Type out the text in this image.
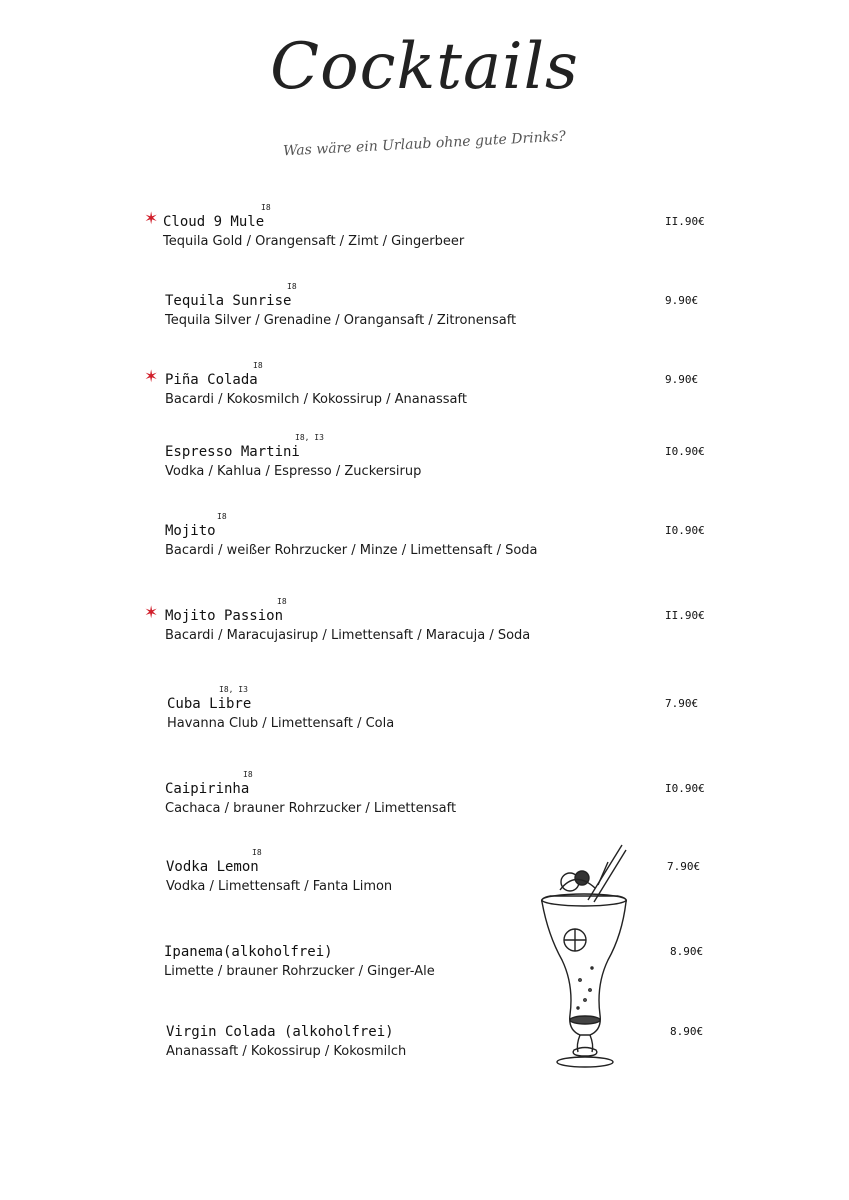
Cocktails
Was wäre ein Urlaub ohne gute Drinks?
✶
I8
Cloud 9 Mule
Tequila Gold / Orangensaft / Zimt / Gingerbeer
II.90€
I8
Tequila Sunrise
Tequila Silver / Grenadine / Orangansaft / Zitronensaft
9.90€
✶
I8
Piña Colada
Bacardi / Kokosmilch / Kokossirup / Ananassaft
9.90€
I8, I3
Espresso Martini
Vodka / Kahlua / Espresso / Zuckersirup
I0.90€
I8
Mojito
Bacardi / weißer Rohrzucker / Minze / Limettensaft / Soda
I0.90€
✶
I8
Mojito Passion
Bacardi / Maracujasirup / Limettensaft / Maracuja / Soda
II.90€
I8, I3
Cuba Libre
Havanna Club / Limettensaft / Cola
7.90€
I8
Caipirinha
Cachaca / brauner Rohrzucker / Limettensaft
I0.90€
I8
Vodka Lemon
Vodka / Limettensaft / Fanta Limon
7.90€
Ipanema(alkoholfrei)
Limette / brauner Rohrzucker / Ginger-Ale
8.90€
Virgin Colada (alkoholfrei)
Ananassaft / Kokossirup / Kokosmilch
8.90€
